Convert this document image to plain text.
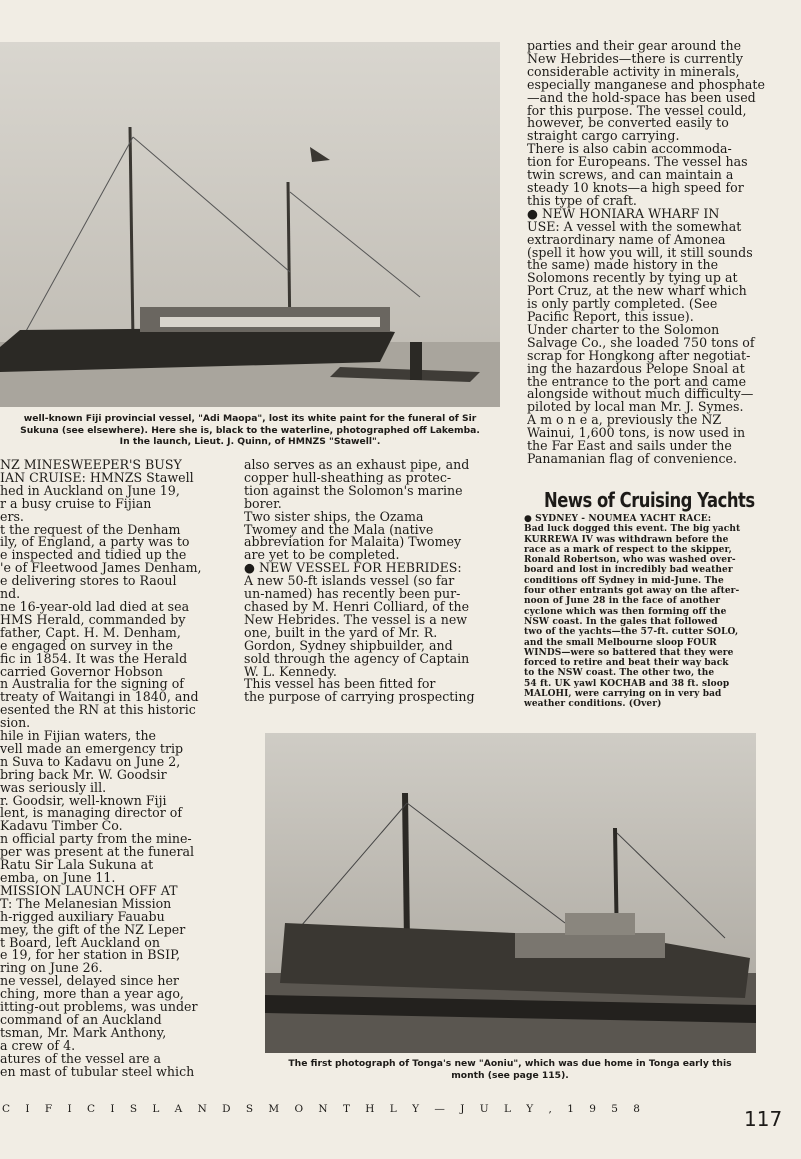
well-known Fiji provincial vessel, "Adi Maopa", lost its white paint for the funeral of Sir
Sukuna (see elsewhere). Here she is, black to the waterline, photographed off Lakemba.
In the launch, Lieut. J. Quinn, of HMNZS "Stawell".
parties and their gear around the
New Hebrides—there is currently
considerable activity in minerals,
especially manganese and phosphate
—and the hold-space has been used
for this purpose. The vessel could,
however, be converted easily to
straight cargo carrying.
There is also cabin accommoda-
tion for Europeans. The vessel has
twin screws, and can maintain a
steady 10 knots—a high speed for
this type of craft.
● NEW HONIARA WHARF IN
USE: A vessel with the somewhat
extraordinary name of Amonea
(spell it how you will, it still sounds
the same) made history in the
Solomons recently by tying up at
Port Cruz, at the new wharf which
is only partly completed. (See
Pacific Report, this issue).
Under charter to the Solomon
Salvage Co., she loaded 750 tons of
scrap for Hongkong after negotiat-
ing the hazardous Pelope Snoal at
the entrance to the port and came
alongside without much difficulty—
piloted by local man Mr. J. Symes.
A m o n e a, previously the NZ
Wainui, 1,600 tons, is now used in
the Far East and sails under the
Panamanian flag of convenience.
NZ MINESWEEPER'S BUSY
IAN CRUISE: HMNZS Stawell
hed in Auckland on June 19,
r a busy cruise to Fijian
ers.
t the request of the Denham
ily, of England, a party was to
e inspected and tidied up the
'e of Fleetwood James Denham,
e delivering stores to Raoul
nd.
ne 16-year-old lad died at sea
HMS Herald, commanded by
father, Capt. H. M. Denham,
e engaged on survey in the
fic in 1854. It was the Herald
carried Governor Hobson
n Australia for the signing of
treaty of Waitangi in 1840, and
esented the RN at this historic
sion.
hile in Fijian waters, the
vell made an emergency trip
n Suva to Kadavu on June 2,
bring back Mr. W. Goodsir
was seriously ill.
r. Goodsir, well-known Fiji
lent, is managing director of
Kadavu Timber Co.
n official party from the mine-
per was present at the funeral
Ratu Sir Lala Sukuna at
emba, on June 11.
MISSION LAUNCH OFF AT
T: The Melanesian Mission
h-rigged auxiliary Fauabu
mey, the gift of the NZ Leper
t Board, left Auckland on
e 19, for her station in BSIP,
ring on June 26.
ne vessel, delayed since her
ching, more than a year ago,
itting-out problems, was under
command of an Auckland
tsman, Mr. Mark Anthony,
a crew of 4.
atures of the vessel are a
en mast of tubular steel which
also serves as an exhaust pipe, and
copper hull-sheathing as protec-
tion against the Solomon's marine
borer.
Two sister ships, the Ozama
Twomey and the Mala (native
abbreviation for Malaita) Twomey
are yet to be completed.
● NEW VESSEL FOR HEBRIDES:
A new 50-ft islands vessel (so far
un-named) has recently been pur-
chased by M. Henri Colliard, of the
New Hebrides. The vessel is a new
one, built in the yard of Mr. R.
Gordon, Sydney shipbuilder, and
sold through the agency of Captain
W. L. Kennedy.
This vessel has been fitted for
the purpose of carrying prospecting
News of Cruising Yachts
● SYDNEY - NOUMEA YACHT RACE:
Bad luck dogged this event. The big yacht
KURREWA IV was withdrawn before the
race as a mark of respect to the skipper,
Ronald Robertson, who was washed over-
board and lost in incredibly bad weather
conditions off Sydney in mid-June. The
four other entrants got away on the after-
noon of June 28 in the face of another
cyclone which was then forming off the
NSW coast. In the gales that followed
two of the yachts—the 57-ft. cutter SOLO,
and the small Melbourne sloop FOUR
WINDS—were so battered that they were
forced to retire and beat their way back
to the NSW coast. The other two, the
54 ft. UK yawl KOCHAB and 38 ft. sloop
MALOHI, were carrying on in very bad
weather conditions. (Over)
The first photograph of Tonga's new "Aoniu", which was due home in Tonga early this
month (see page 115).
C I F I C I S L A N D S M O N T H L Y — J U L Y , 1 9 5 8	117
